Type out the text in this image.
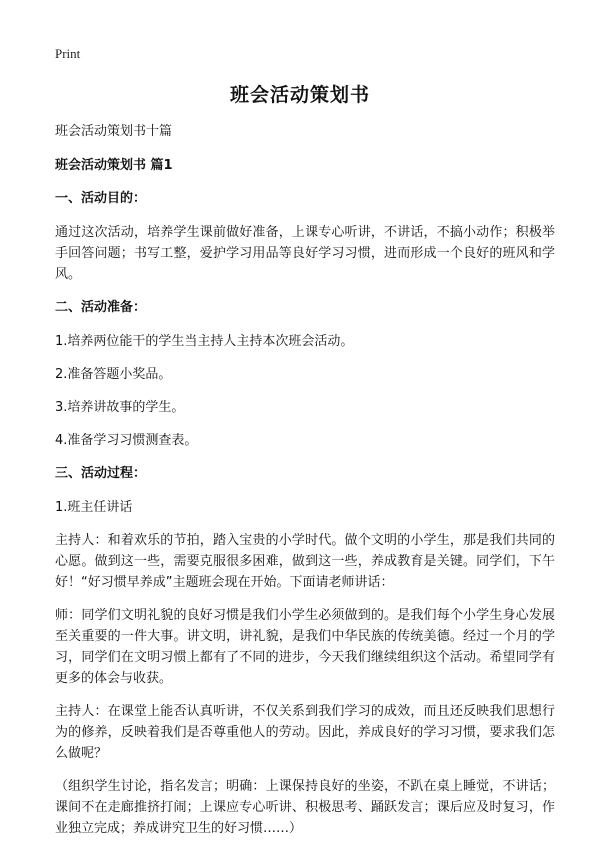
Print
班会活动策划书

班会活动策划书十篇

班会活动策划书 篇1

一、活动目的：

通过这次活动，培养学生课前做好准备，上课专心听讲，不讲话，不搞小动作；积极举手回答问题；书写工整，爱护学习用品等良好学习习惯，进而形成一个良好的班风和学风。

二、活动准备：

1.培养两位能干的学生当主持人主持本次班会活动。

2.准备答题小奖品。

3.培养讲故事的学生。

4.准备学习习惯测查表。

三、活动过程：

1.班主任讲话

主持人：和着欢乐的节拍，踏入宝贵的小学时代。做个文明的小学生，那是我们共同的心愿。做到这一些，需要克服很多困难，做到这一些，养成教育是关键。同学们，下午好！“好习惯早养成”主题班会现在开始。下面请老师讲话：

师：同学们文明礼貌的良好习惯是我们小学生必须做到的。是我们每个小学生身心发展至关重要的一件大事。讲文明，讲礼貌，是我们中华民族的传统美德。经过一个月的学习，同学们在文明习惯上都有了不同的进步，今天我们继续组织这个活动。希望同学有更多的体会与收获。

主持人：在课堂上能否认真听讲，不仅关系到我们学习的成效，而且还反映我们思想行为的修养，反映着我们是否尊重他人的劳动。因此，养成良好的学习习惯，要求我们怎么做呢？

（组织学生讨论，指名发言；明确：上课保持良好的坐姿，不趴在桌上睡觉，不讲话；课间不在走廊推挤打闹；上课应专心听讲、积极思考、踊跃发言；课后应及时复习，作业独立完成；养成讲究卫生的好习惯……）
